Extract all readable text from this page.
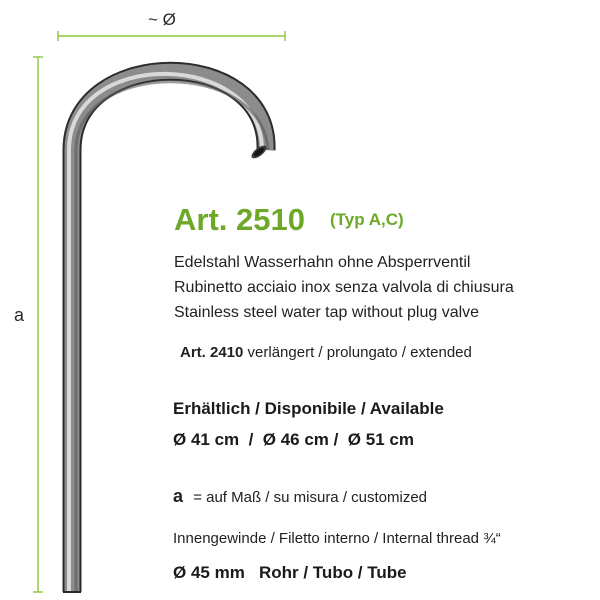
~ Ø
a
Art. 2510 (Typ A,C)
Edelstahl Wasserhahn ohne Absperrventil
Rubinetto acciaio inox senza valvola di chiusura
Stainless steel water tap without plug valve
Art. 2410 verlängert / prolungato / extended
Erhältlich / Disponibile / Available
Ø 41 cm  /  Ø 46 cm /  Ø 51 cm
a = auf Maß / su misura / customized
Innengewinde / Filetto interno / Internal thread ¾“
Ø 45 mm   Rohr / Tubo / Tube
